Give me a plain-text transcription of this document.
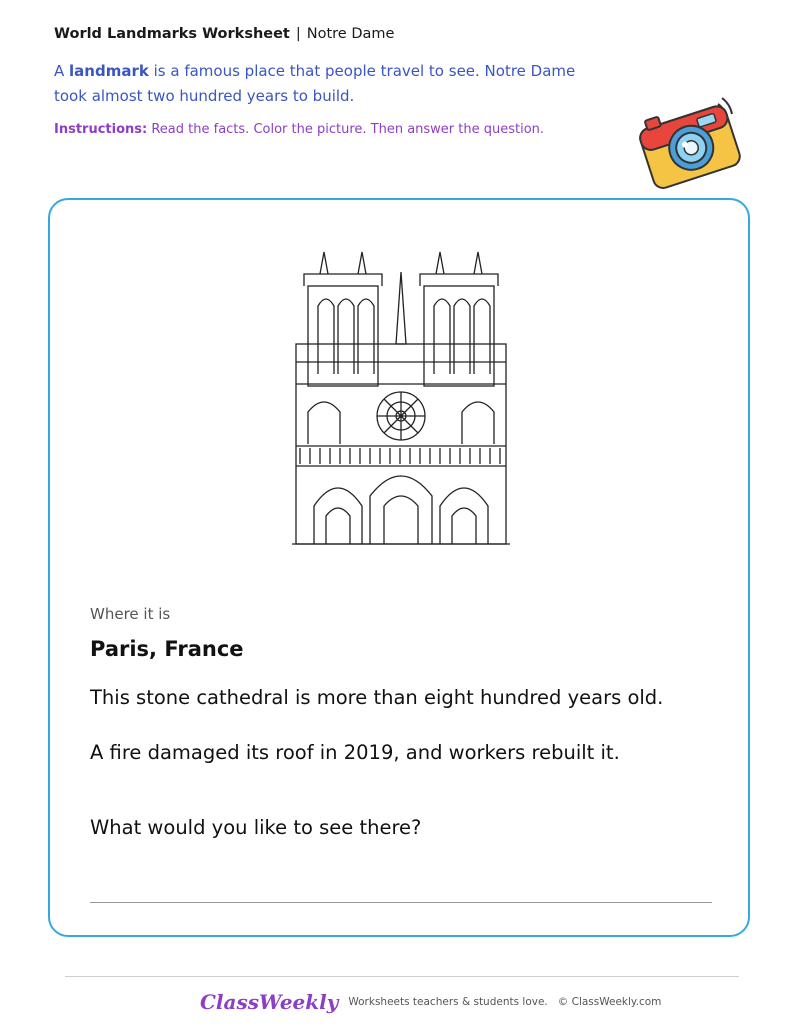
World Landmarks Worksheet | Notre Dame

A landmark is a famous place that people travel to see. Notre Dame
took almost two hundred years to build.
Instructions: Read the facts. Color the picture. Then answer the question.
Where it is
Paris, France
This stone cathedral is more than eight hundred years old.
A fire damaged its roof in 2019, and workers rebuilt it.
What would you like to see there?
ClassWeekly Worksheets teachers & students love. © ClassWeekly.com
